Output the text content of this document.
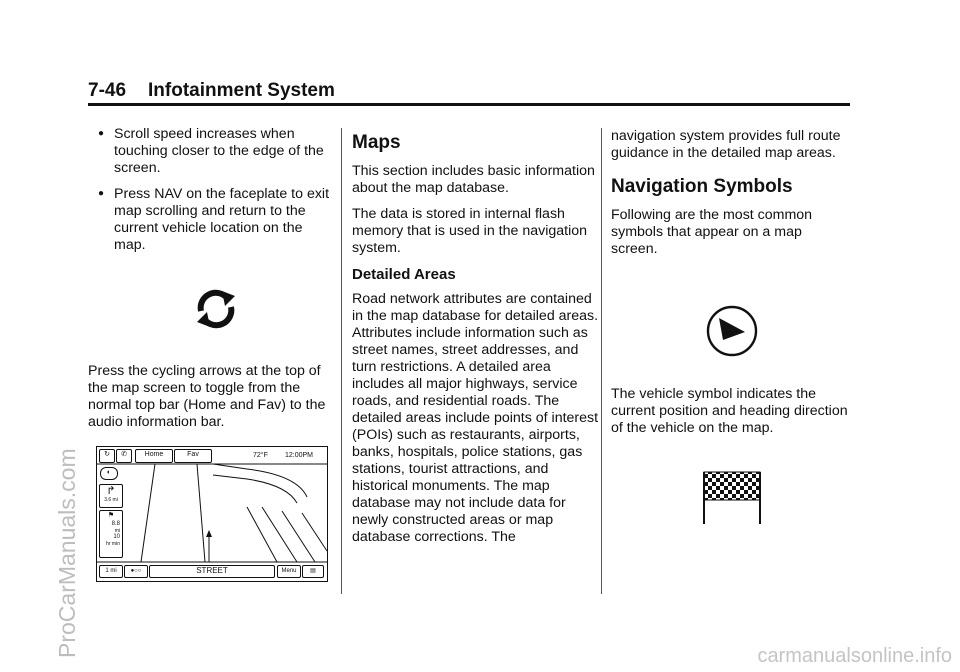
7-46 Infotainment System
● Scroll speed increases when touching closer to the edge of the screen.
● Press NAV on the faceplate to exit map scrolling and return to the current vehicle location on the map.

Press the cycling arrows at the top of the map screen to toggle from the normal top bar (Home and Fav) to the audio information bar.

↻	✆	Home	Fav	72°F 12:00PM
◐
↱
3.6 mi
⚑
8.8
mi
10
hr min
1 mi	●○○	STREET	Menu	▤
Maps

This section includes basic information about the map database.

The data is stored in internal flash memory that is used in the navigation system.

Detailed Areas

Road network attributes are contained in the map database for detailed areas. Attributes include information such as street names, street addresses, and turn restrictions. A detailed area includes all major highways, service roads, and residential roads. The detailed areas include points of interest (POIs) such as restaurants, airports, banks, hospitals, police stations, gas stations, tourist attractions, and historical monuments. The map database may not include data for newly constructed areas or map database corrections. The

navigation system provides full route guidance in the detailed map areas.

Navigation Symbols

Following are the most common symbols that appear on a map screen.

The vehicle symbol indicates the current position and heading direction of the vehicle on the map.

ProCarManuals.com	carmanualsonline.info
